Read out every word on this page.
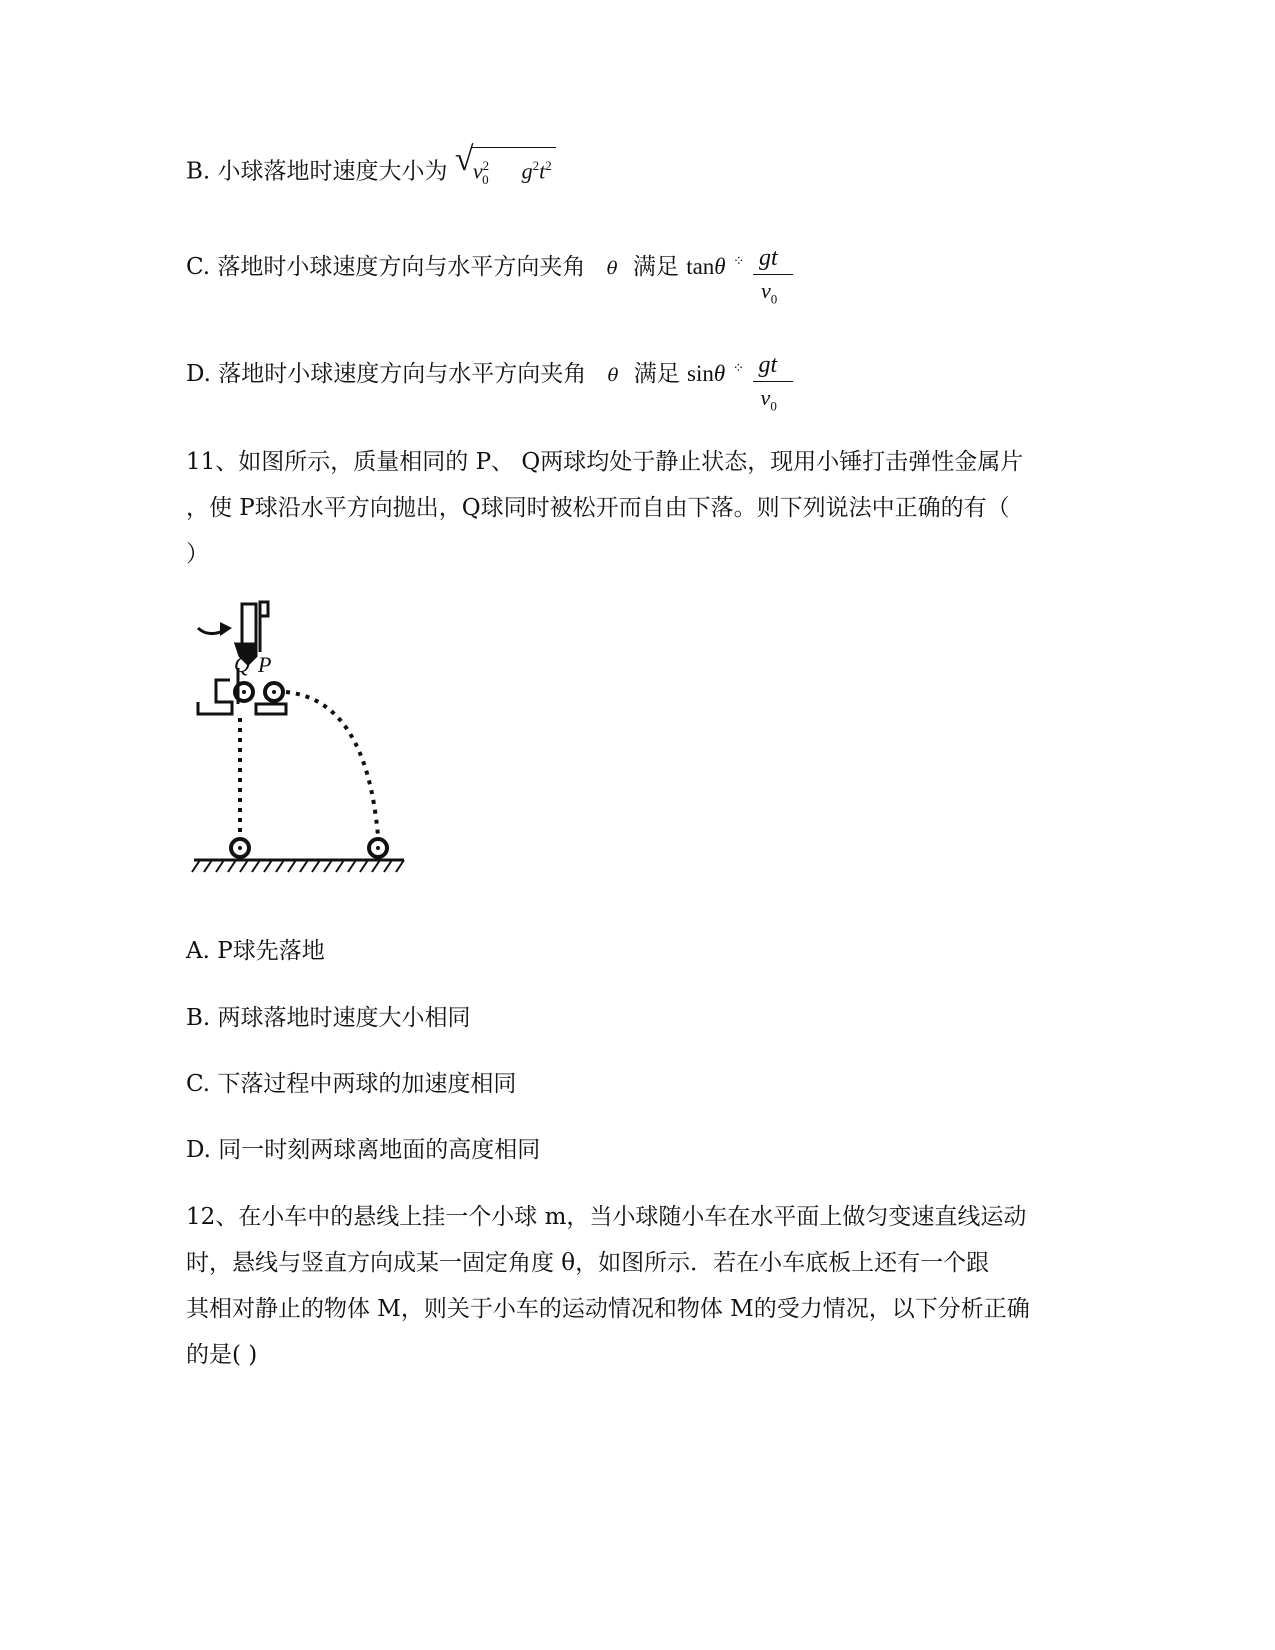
B. 小球落地时速度大小为 √ $v^2_0$ $g^2t^2$
C. 落地时小球速度方向与水平方向夹角 θ 满足 tanθ $^⁘ \frac{gt}{v_0}$
D. 落地时小球速度方向与水平方向夹角 θ 满足 sinθ $^⁘ \frac{gt}{v_0}$
11、如图所示，质量相同的 P、 Q两球均处于静止状态，现用小锤打击弹性金属片
，使 P球沿水平方向抛出，Q球同时被松开而自由下落。则下列说法中正确的有（
）
Q P
A. P球先落地
B. 两球落地时速度大小相同
C. 下落过程中两球的加速度相同
D. 同一时刻两球离地面的高度相同
12、在小车中的悬线上挂一个小球 m，当小球随小车在水平面上做匀变速直线运动
时，悬线与竖直方向成某一固定角度 θ，如图所示．若在小车底板上还有一个跟
其相对静止的物体 M，则关于小车的运动情况和物体 M的受力情况，以下分析正确
的是( )
